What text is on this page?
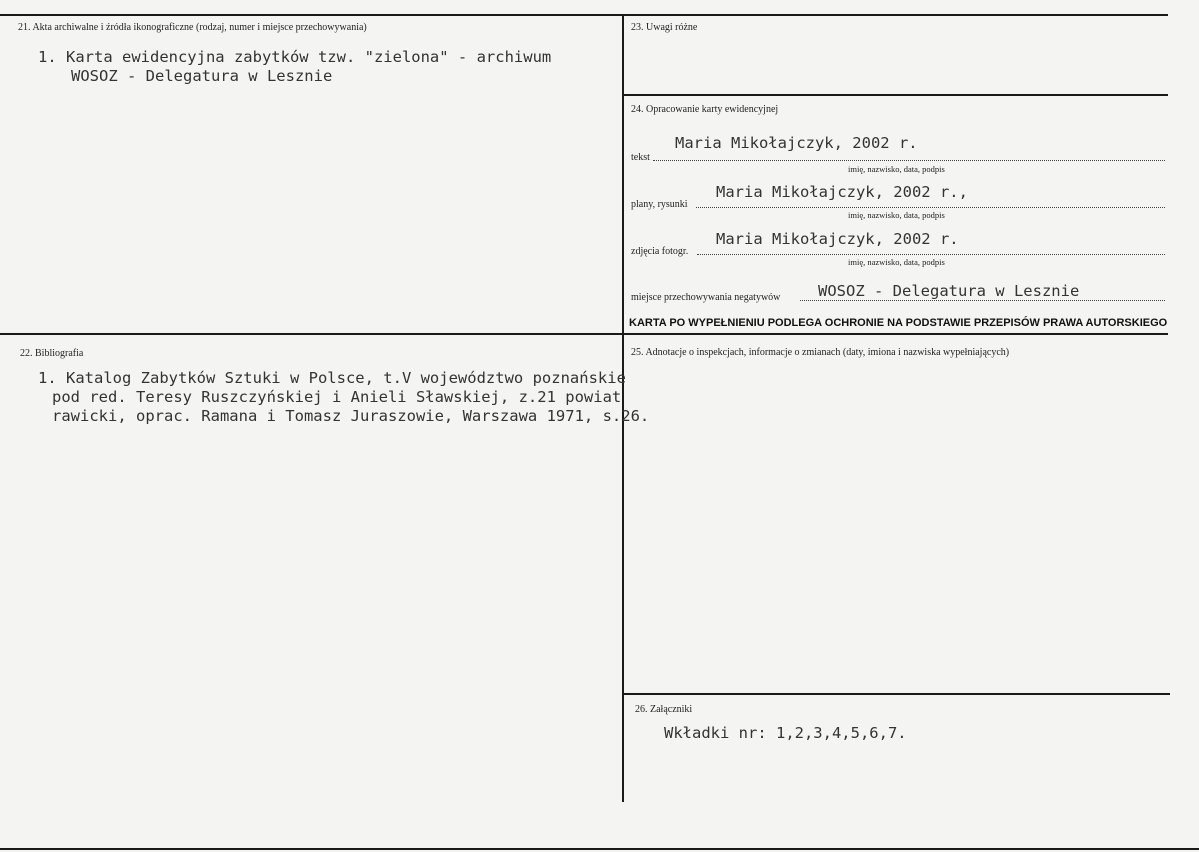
21. Akta archiwalne i źródła ikonograficzne (rodzaj, numer i miejsce przechowywania)
1. Karta ewidencyjna zabytków tzw. "zielona" - archiwum
WOSOZ - Delegatura w Lesznie
22. Bibliografia
1. Katalog Zabytków Sztuki w Polsce, t.V województwo poznańskie
pod red. Teresy Ruszczyńskiej i Anieli Sławskiej, z.21 powiat
rawicki, oprac. Ramana i Tomasz Juraszowie, Warszawa 1971, s.26.
23. Uwagi różne
24. Opracowanie karty ewidencyjnej
Maria Mikołajczyk, 2002 r.
tekst
imię, nazwisko, data, podpis
Maria Mikołajczyk, 2002 r.,
plany, rysunki
imię, nazwisko, data, podpis
Maria Mikołajczyk, 2002 r.
zdjęcia fotogr.
imię, nazwisko, data, podpis
WOSOZ - Delegatura w Lesznie
miejsce przechowywania negatywów
KARTA PO WYPEŁNIENIU PODLEGA OCHRONIE NA PODSTAWIE PRZEPISÓW PRAWA AUTORSKIEGO
25. Adnotacje o inspekcjach, informacje o zmianach (daty, imiona i nazwiska wypełniających)
26. Załączniki
Wkładki nr: 1,2,3,4,5,6,7.
